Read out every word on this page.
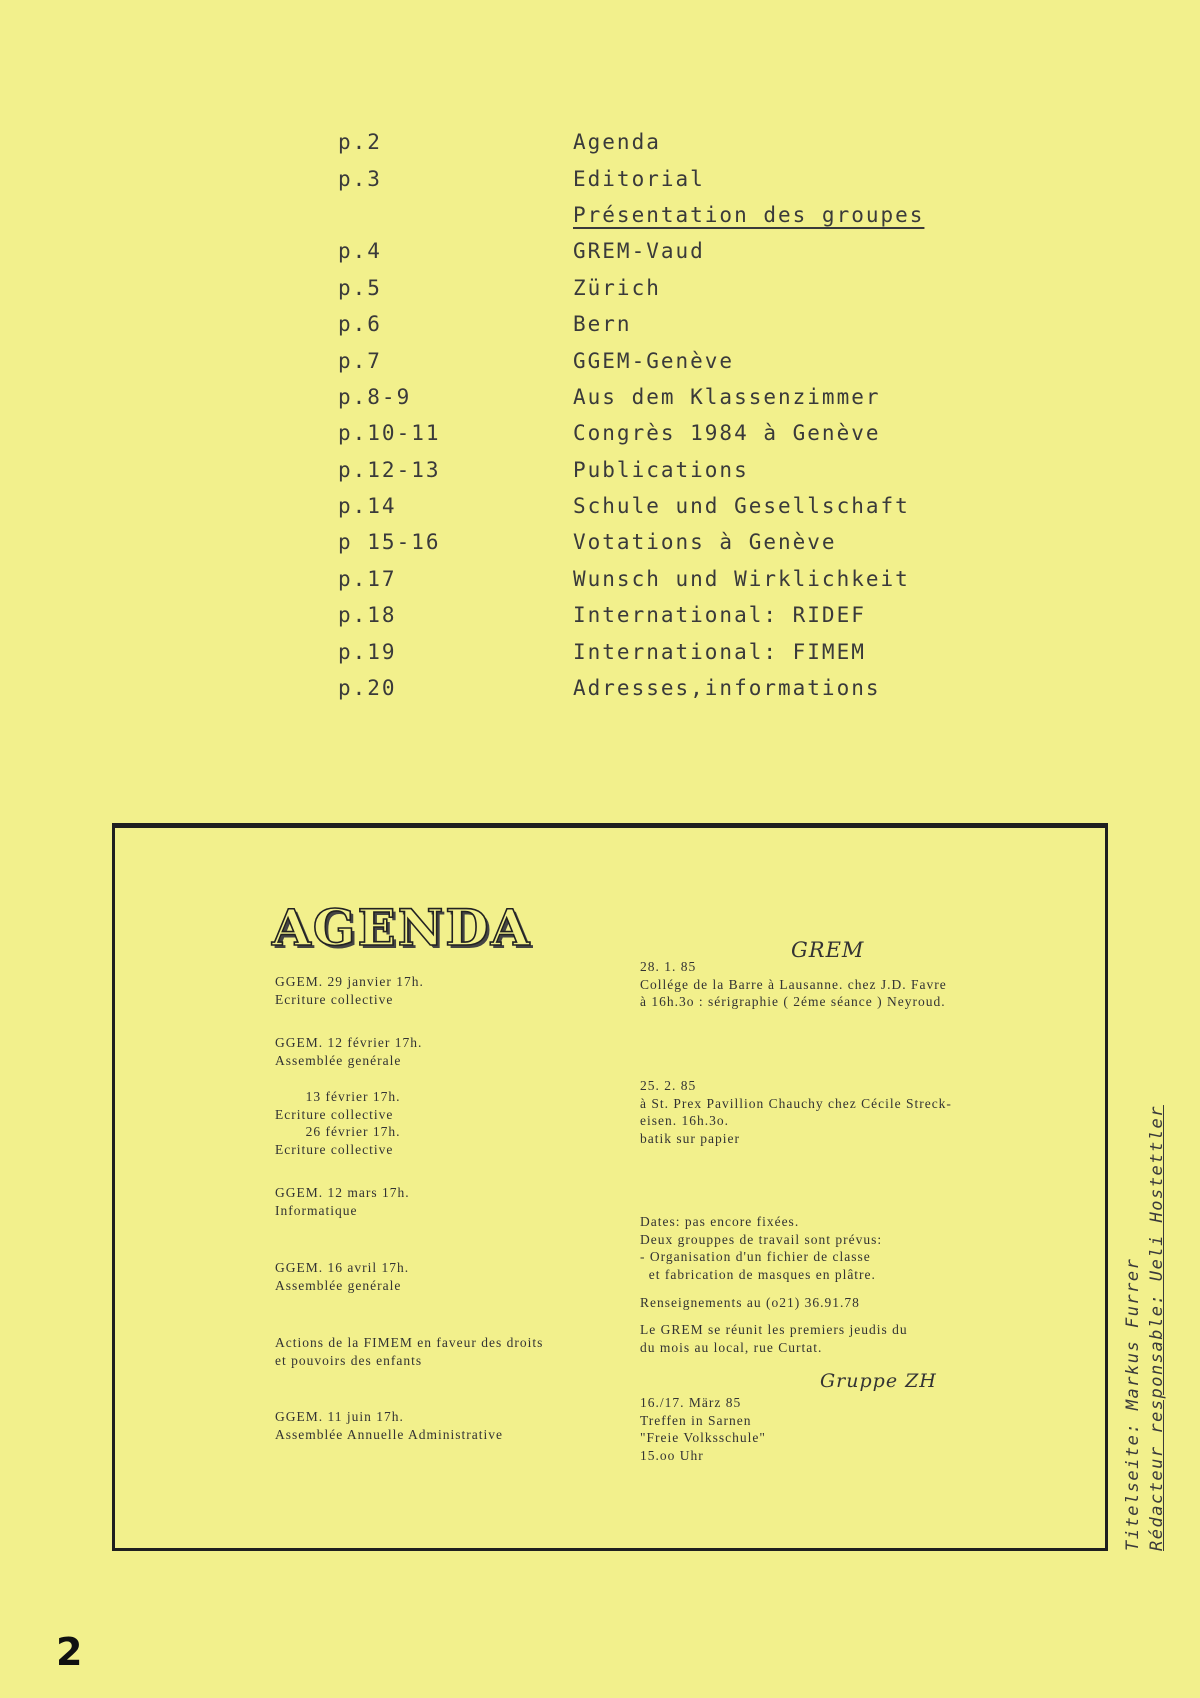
p.2	Agenda
p.3	Editorial
Présentation des groupes
p.4	GREM-Vaud
p.5	Zürich
p.6	Bern
p.7	GGEM-Genève
p.8-9	Aus dem Klassenzimmer
p.10-11	Congrès 1984 à Genève
p.12-13	Publications
p.14	Schule und Gesellschaft
p 15-16	Votations à Genève
p.17	Wunsch und Wirklichkeit
p.18	International: RIDEF
p.19	International: FIMEM
p.20	Adresses,informations
AGENDA	GREM
Gruppe ZH
GGEM. 29 janvier 17h.
Ecriture collective
GGEM. 12 février 17h.
Assemblée genérale
13 février 17h.
Ecriture collective
26 février 17h.
Ecriture collective
GGEM. 12 mars 17h.
Informatique
GGEM. 16 avril 17h.
Assemblée genérale
Actions de la FIMEM en faveur des droits
et pouvoirs des enfants
GGEM. 11 juin 17h.
Assemblée Annuelle Administrative
28. 1. 85
Collége de la Barre à Lausanne. chez J.D. Favre
à 16h.3o : sérigraphie ( 2éme séance ) Neyroud.
25. 2. 85
à St. Prex Pavillion Chauchy chez Cécile Streck-
eisen. 16h.3o.
batik sur papier
Dates: pas encore fixées.
Deux grouppes de travail sont prévus:
- Organisation d'un fichier de classe
et fabrication de masques en plâtre.
Renseignements au (o21) 36.91.78
Le GREM se réunit les premiers jeudis du
du mois au local, rue Curtat.
16./17. März 85
Treffen in Sarnen
"Freie Volksschule"
15.oo Uhr	Titelseite: Markus Furrer Rédacteur responsable: Ueli Hostettler
2
